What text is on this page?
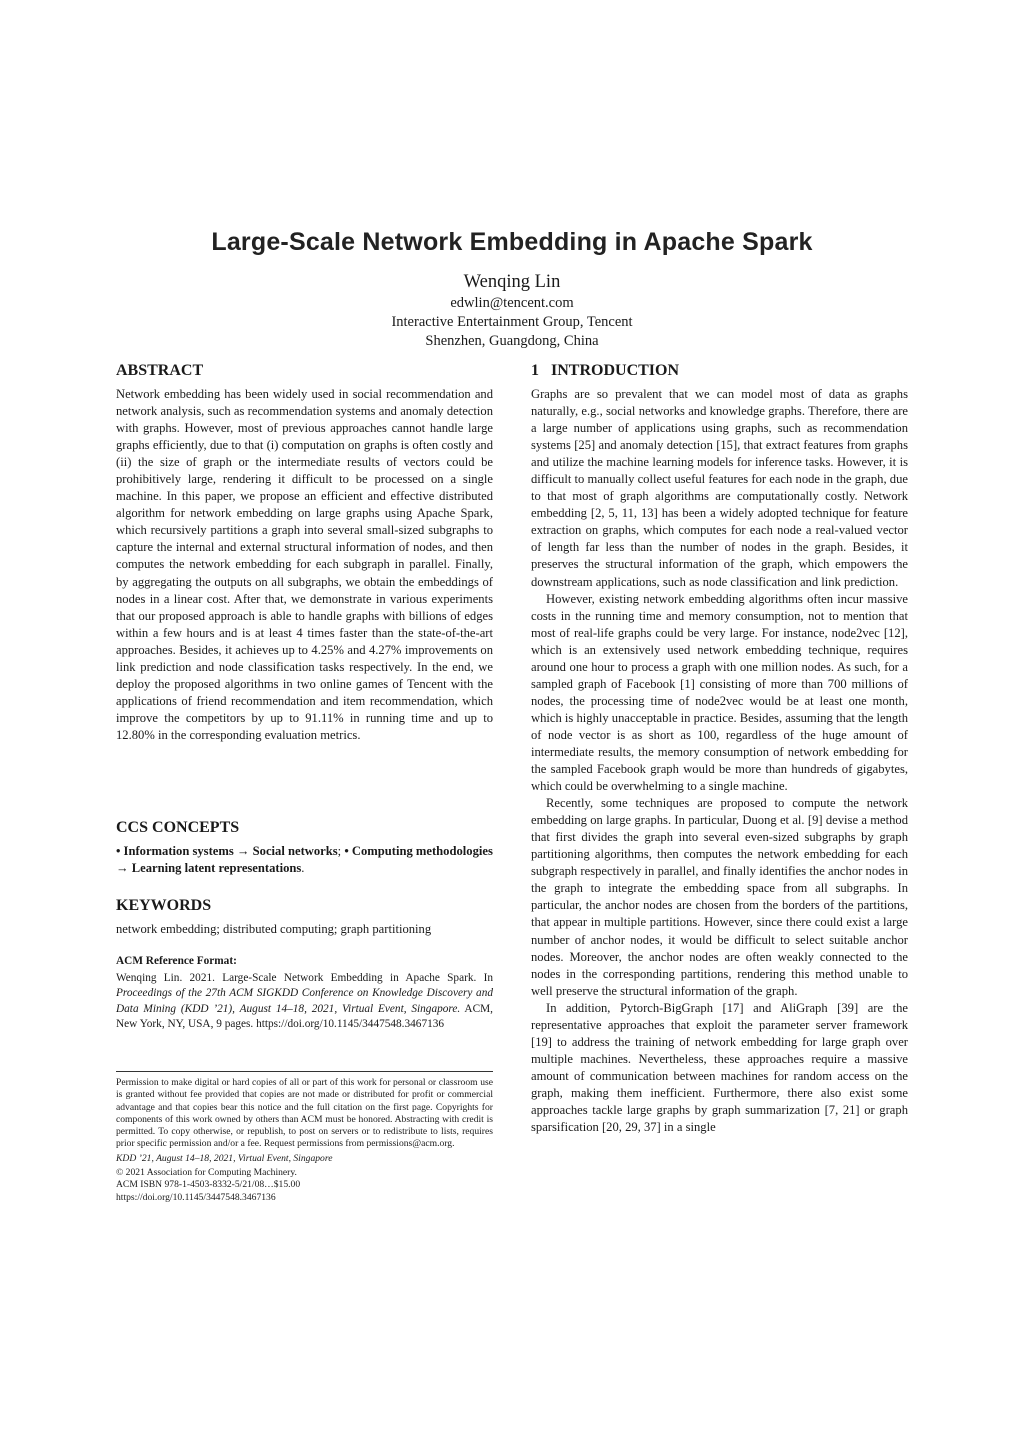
Large-Scale Network Embedding in Apache Spark
Wenqing Lin
edwlin@tencent.com
Interactive Entertainment Group, Tencent
Shenzhen, Guangdong, China
ABSTRACT

Network embedding has been widely used in social recommendation and network analysis, such as recommendation systems and anomaly detection with graphs. However, most of previous approaches cannot handle large graphs efficiently, due to that (i) computation on graphs is often costly and (ii) the size of graph or the intermediate results of vectors could be prohibitively large, rendering it difficult to be processed on a single machine. In this paper, we propose an efficient and effective distributed algorithm for network embedding on large graphs using Apache Spark, which recursively partitions a graph into several small-sized subgraphs to capture the internal and external structural information of nodes, and then computes the network embedding for each subgraph in parallel. Finally, by aggregating the outputs on all subgraphs, we obtain the embeddings of nodes in a linear cost. After that, we demonstrate in various experiments that our proposed approach is able to handle graphs with billions of edges within a few hours and is at least 4 times faster than the state-of-the-art approaches. Besides, it achieves up to 4.25% and 4.27% improvements on link prediction and node classification tasks respectively. In the end, we deploy the proposed algorithms in two online games of Tencent with the applications of friend recommendation and item recommendation, which improve the competitors by up to 91.11% in running time and up to 12.80% in the corresponding evaluation metrics.

CCS CONCEPTS

• Information systems → Social networks; • Computing methodologies → Learning latent representations.

KEYWORDS

network embedding; distributed computing; graph partitioning

ACM Reference Format:

Wenqing Lin. 2021. Large-Scale Network Embedding in Apache Spark. In Proceedings of the 27th ACM SIGKDD Conference on Knowledge Discovery and Data Mining (KDD ’21), August 14–18, 2021, Virtual Event, Singapore. ACM, New York, NY, USA, 9 pages. https://doi.org/10.1145/3447548.3467136

Permission to make digital or hard copies of all or part of this work for personal or classroom use is granted without fee provided that copies are not made or distributed for profit or commercial advantage and that copies bear this notice and the full citation on the first page. Copyrights for components of this work owned by others than ACM must be honored. Abstracting with credit is permitted. To copy otherwise, or republish, to post on servers or to redistribute to lists, requires prior specific permission and/or a fee. Request permissions from permissions@acm.org.

KDD ’21, August 14–18, 2021, Virtual Event, Singapore

© 2021 Association for Computing Machinery.

ACM ISBN 978-1-4503-8332-5/21/08…$15.00

https://doi.org/10.1145/3447548.3467136

1   INTRODUCTION

Graphs are so prevalent that we can model most of data as graphs naturally, e.g., social networks and knowledge graphs. Therefore, there are a large number of applications using graphs, such as recommendation systems [25] and anomaly detection [15], that extract features from graphs and utilize the machine learning models for inference tasks. However, it is difficult to manually collect useful features for each node in the graph, due to that most of graph algorithms are computationally costly. Network embedding [2, 5, 11, 13] has been a widely adopted technique for feature extraction on graphs, which computes for each node a real-valued vector of length far less than the number of nodes in the graph. Besides, it preserves the structural information of the graph, which empowers the downstream applications, such as node classification and link prediction.

However, existing network embedding algorithms often incur massive costs in the running time and memory consumption, not to mention that most of real-life graphs could be very large. For instance, node2vec [12], which is an extensively used network embedding technique, requires around one hour to process a graph with one million nodes. As such, for a sampled graph of Facebook [1] consisting of more than 700 millions of nodes, the processing time of node2vec would be at least one month, which is highly unacceptable in practice. Besides, assuming that the length of node vector is as short as 100, regardless of the huge amount of intermediate results, the memory consumption of network embedding for the sampled Facebook graph would be more than hundreds of gigabytes, which could be overwhelming to a single machine.

Recently, some techniques are proposed to compute the network embedding on large graphs. In particular, Duong et al. [9] devise a method that first divides the graph into several even-sized subgraphs by graph partitioning algorithms, then computes the network embedding for each subgraph respectively in parallel, and finally identifies the anchor nodes in the graph to integrate the embedding space from all subgraphs. In particular, the anchor nodes are chosen from the borders of the partitions, that appear in multiple partitions. However, since there could exist a large number of anchor nodes, it would be difficult to select suitable anchor nodes. Moreover, the anchor nodes are often weakly connected to the nodes in the corresponding partitions, rendering this method unable to well preserve the structural information of the graph.

In addition, Pytorch-BigGraph [17] and AliGraph [39] are the representative approaches that exploit the parameter server framework [19] to address the training of network embedding for large graph over multiple machines. Nevertheless, these approaches require a massive amount of communication between machines for random access on the graph, making them inefficient. Furthermore, there also exist some approaches tackle large graphs by graph summarization [7, 21] or graph sparsification [20, 29, 37] in a single
